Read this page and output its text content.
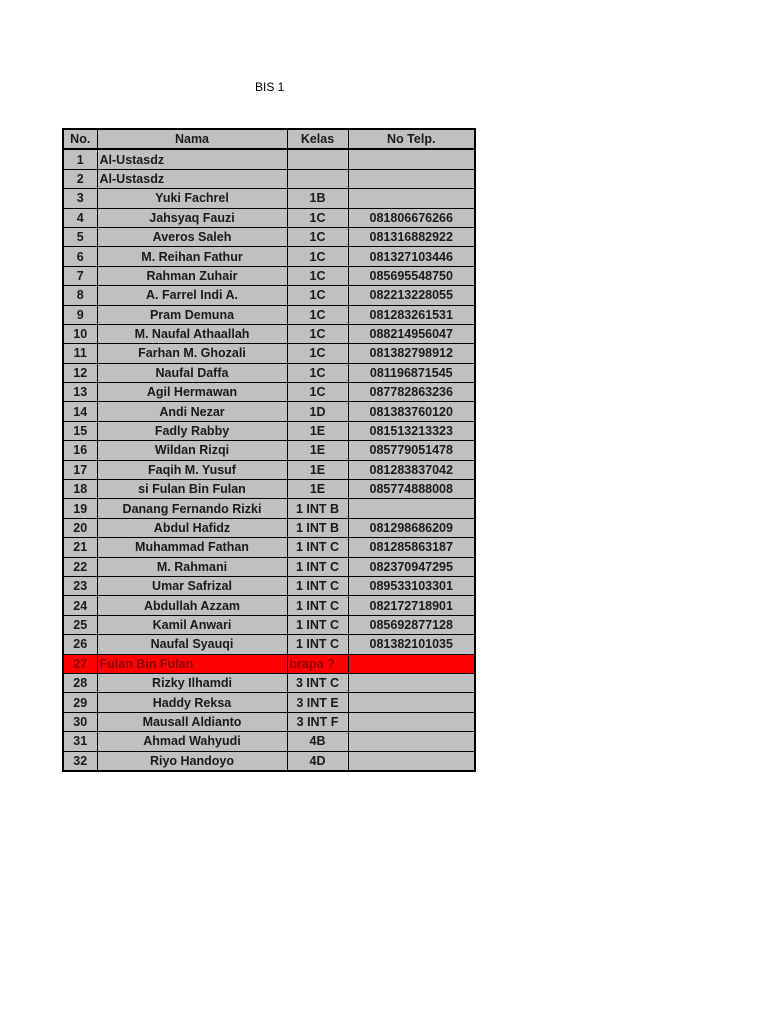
BIS 1
No.	Nama	Kelas	No Telp.
1	Al-Ustasdz		
2	Al-Ustasdz		
3	Yuki Fachrel	1B	
4	Jahsyaq Fauzi	1C	081806676266
5	Averos Saleh	1C	081316882922
6	M. Reihan Fathur	1C	081327103446
7	Rahman Zuhair	1C	085695548750
8	A. Farrel Indi A.	1C	082213228055
9	Pram Demuna	1C	081283261531
10	M. Naufal Athaallah	1C	088214956047
11	Farhan M. Ghozali	1C	081382798912
12	Naufal Daffa	1C	081196871545
13	Agil Hermawan	1C	087782863236
14	Andi Nezar	1D	081383760120
15	Fadly Rabby	1E	081513213323
16	Wildan Rizqi	1E	085779051478
17	Faqih M. Yusuf	1E	081283837042
18	si Fulan Bin Fulan	1E	085774888008
19	Danang Fernando Rizki	1 INT B	
20	Abdul Hafidz	1 INT B	081298686209
21	Muhammad Fathan	1 INT C	081285863187
22	M. Rahmani	1 INT C	082370947295
23	Umar Safrizal	1 INT C	089533103301
24	Abdullah Azzam	1 INT C	082172718901
25	Kamil Anwari	1 INT C	085692877128
26	Naufal Syauqi	1 INT C	081382101035
27	Fulan Bin Fulan	brapa ?	
28	Rizky Ilhamdi	3 INT C	
29	Haddy Reksa	3 INT E	
30	Mausall Aldianto	3 INT F	
31	Ahmad Wahyudi	4B	
32	Riyo Handoyo	4D	
